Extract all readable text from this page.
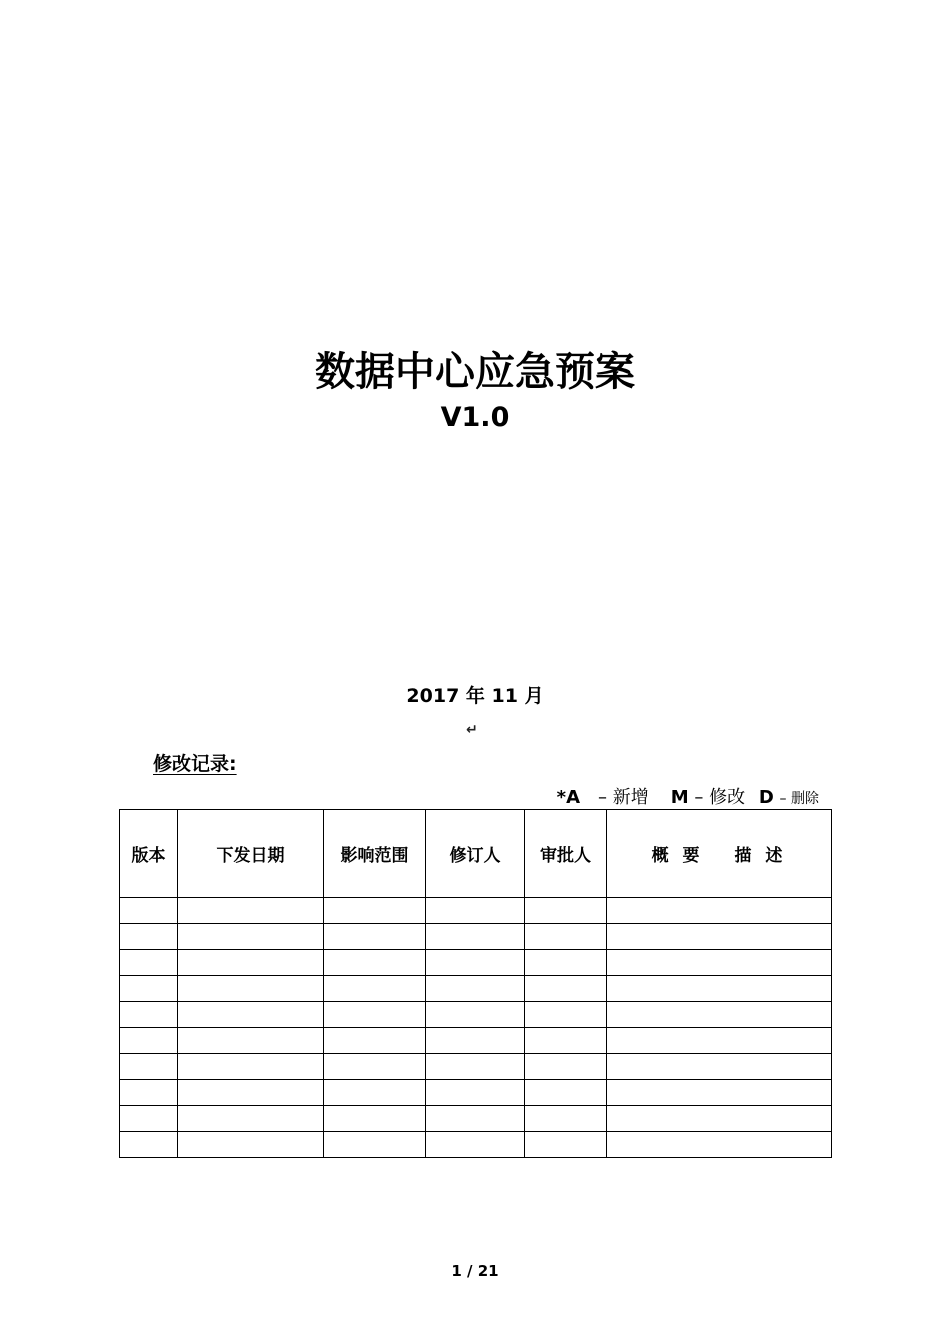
数据中心应急预案
V1.0
2017 年 11 月
↵
修改记录:
*A – 新增 M – 修改 D – 删除
版本	下发日期	影响范围	修订人	审批人	概 要　 描 述

1 / 21
